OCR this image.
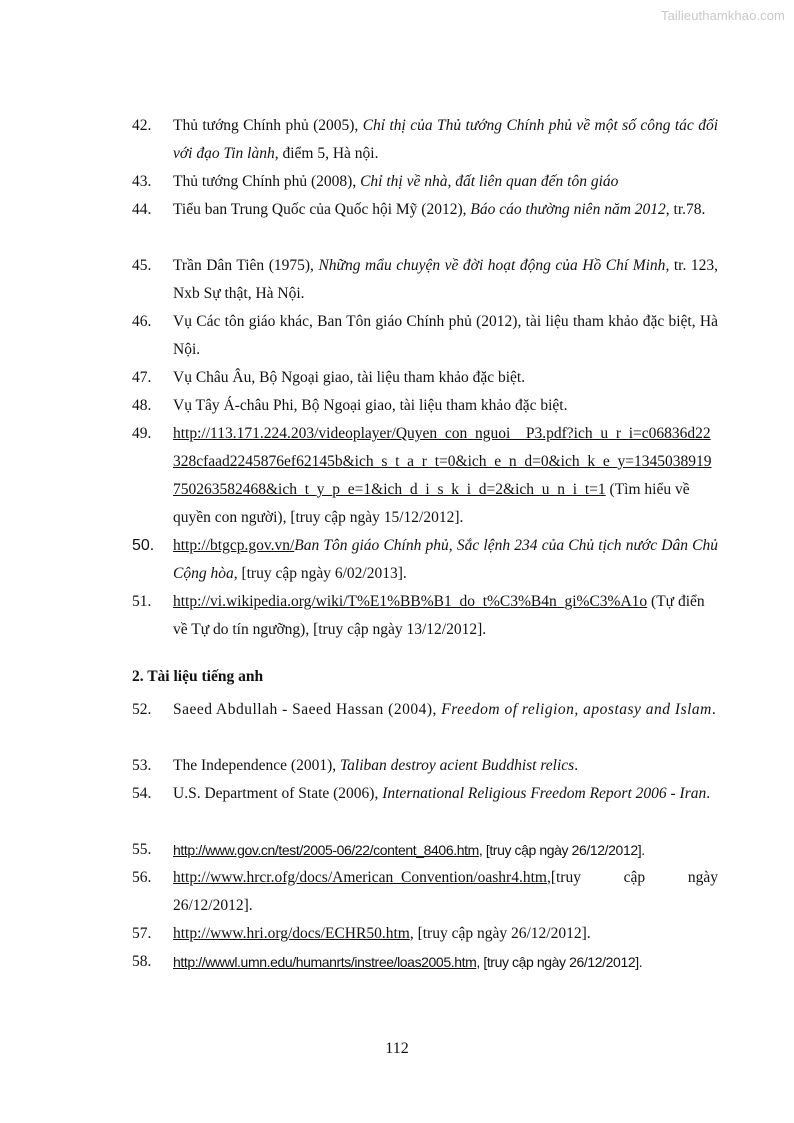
Tailieuthamkhao.com
42.	Thủ tướng Chính phủ (2005), Chỉ thị của Thủ tướng Chính phủ về một số công tác đối với đạo Tin lành, điểm 5, Hà nội.
43.	Thủ tướng Chính phủ (2008), Chỉ thị về nhà, đất liên quan đến tôn giáo
44.	Tiểu ban Trung Quốc của Quốc hội Mỹ (2012), Báo cáo thường niên năm 2012, tr.78.
45.	Trần Dân Tiên (1975), Những mẩu chuyện về đời hoạt động của Hồ Chí Minh, tr. 123, Nxb Sự thật, Hà Nội.
46.	Vụ Các tôn giáo khác, Ban Tôn giáo Chính phủ (2012), tài liệu tham khảo đặc biệt, Hà Nội.
47.	Vụ Châu Âu, Bộ Ngoại giao, tài liệu tham khảo đặc biệt.
48.	Vụ Tây Á-châu Phi, Bộ Ngoại giao, tài liệu tham khảo đặc biệt.
49.	http://113.171.224.203/videoplayer/Quyen_con_nguoi__P3.pdf?ich_u_r_i=c06836d22328cfaad2245876ef62145b&ich_s_t_a_r_t=0&ich_e_n_d=0&ich_k_e_y=1345038919750263582468&ich_t_y_p_e=1&ich_d_i_s_k_i_d=2&ich_u_n_i_t=1 (Tìm hiểu về quyền con người), [truy cập ngày 15/12/2012].
50.	http://btgcp.gov.vn/Ban Tôn giáo Chính phủ, Sắc lệnh 234 của Chủ tịch nước Dân Chủ Cộng hòa, [truy cập ngày 6/02/2013].
51.	http://vi.wikipedia.org/wiki/T%E1%BB%B1_do_t%C3%B4n_gi%C3%A1o (Tự điển về Tự do tín ngưỡng), [truy cập ngày 13/12/2012].
2. Tài liệu tiếng anh
52.	Saeed Abdullah - Saeed Hassan (2004), Freedom of religion, apostasy and Islam.
53.	The Independence (2001), Taliban destroy acient Buddhist relics.
54.	U.S. Department of State (2006), International Religious Freedom Report 2006 - Iran.
55.	http://www.gov.cn/test/2005-06/22/content_8406.htm, [truy cập ngày 26/12/2012].
56.	http://www.hrcr.ofg/docs/American_Convention/oashr4.htm,[truy cập ngày 26/12/2012].
57.	http://www.hri.org/docs/ECHR50.htm, [truy cập ngày 26/12/2012].
58.	http://wwwl.umn.edu/humanrts/instree/loas2005.htm, [truy cập ngày 26/12/2012].
112
